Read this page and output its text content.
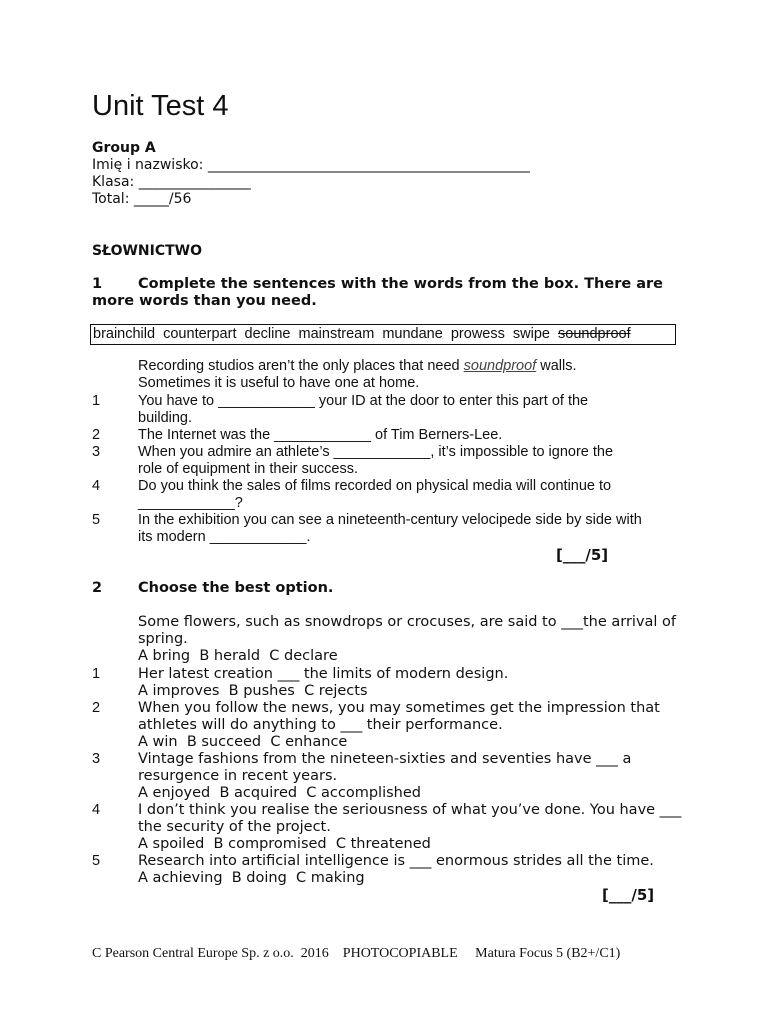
Unit Test 4
Group A
Imię i nazwisko: ______________________________________________
Klasa: ________________
Total: _____/56
SŁOWNICTWO
1 Complete the sentences with the words from the box. There are
more words than you need.
brainchild  counterpart  decline  mainstream  mundane  prowess  swipe  soundproof
Recording studios aren’t the only places that need soundproof walls.
Sometimes it is useful to have one at home.
1	You have to ____________ your ID at the door to enter this part of the
building.
2	The Internet was the ____________ of Tim Berners-Lee.
3	When you admire an athlete’s ____________, it’s impossible to ignore the
role of equipment in their success.
4	Do you think the sales of films recorded on physical media will continue to
____________?
5	In the exhibition you can see a nineteenth-century velocipede side by side with
its modern ____________.
[___/5]
2 Choose the best option.
Some flowers, such as snowdrops or crocuses, are said to ___the arrival of
spring.
A bring  B herald  C declare
1	Her latest creation ___ the limits of modern design.
A improves  B pushes  C rejects
2	When you follow the news, you may sometimes get the impression that
athletes will do anything to ___ their performance.
A win  B succeed  C enhance
3	Vintage fashions from the nineteen-sixties and seventies have ___ a
resurgence in recent years.
A enjoyed  B acquired  C accomplished
4	I don’t think you realise the seriousness of what you’ve done. You have ___
the security of the project.
A spoiled  B compromised  C threatened
5	Research into artificial intelligence is ___ enormous strides all the time.
A achieving  B doing  C making
[___/5]
C Pearson Central Europe Sp. z o.o.  2016    PHOTOCOPIABLE     Matura Focus 5 (B2+/C1)
